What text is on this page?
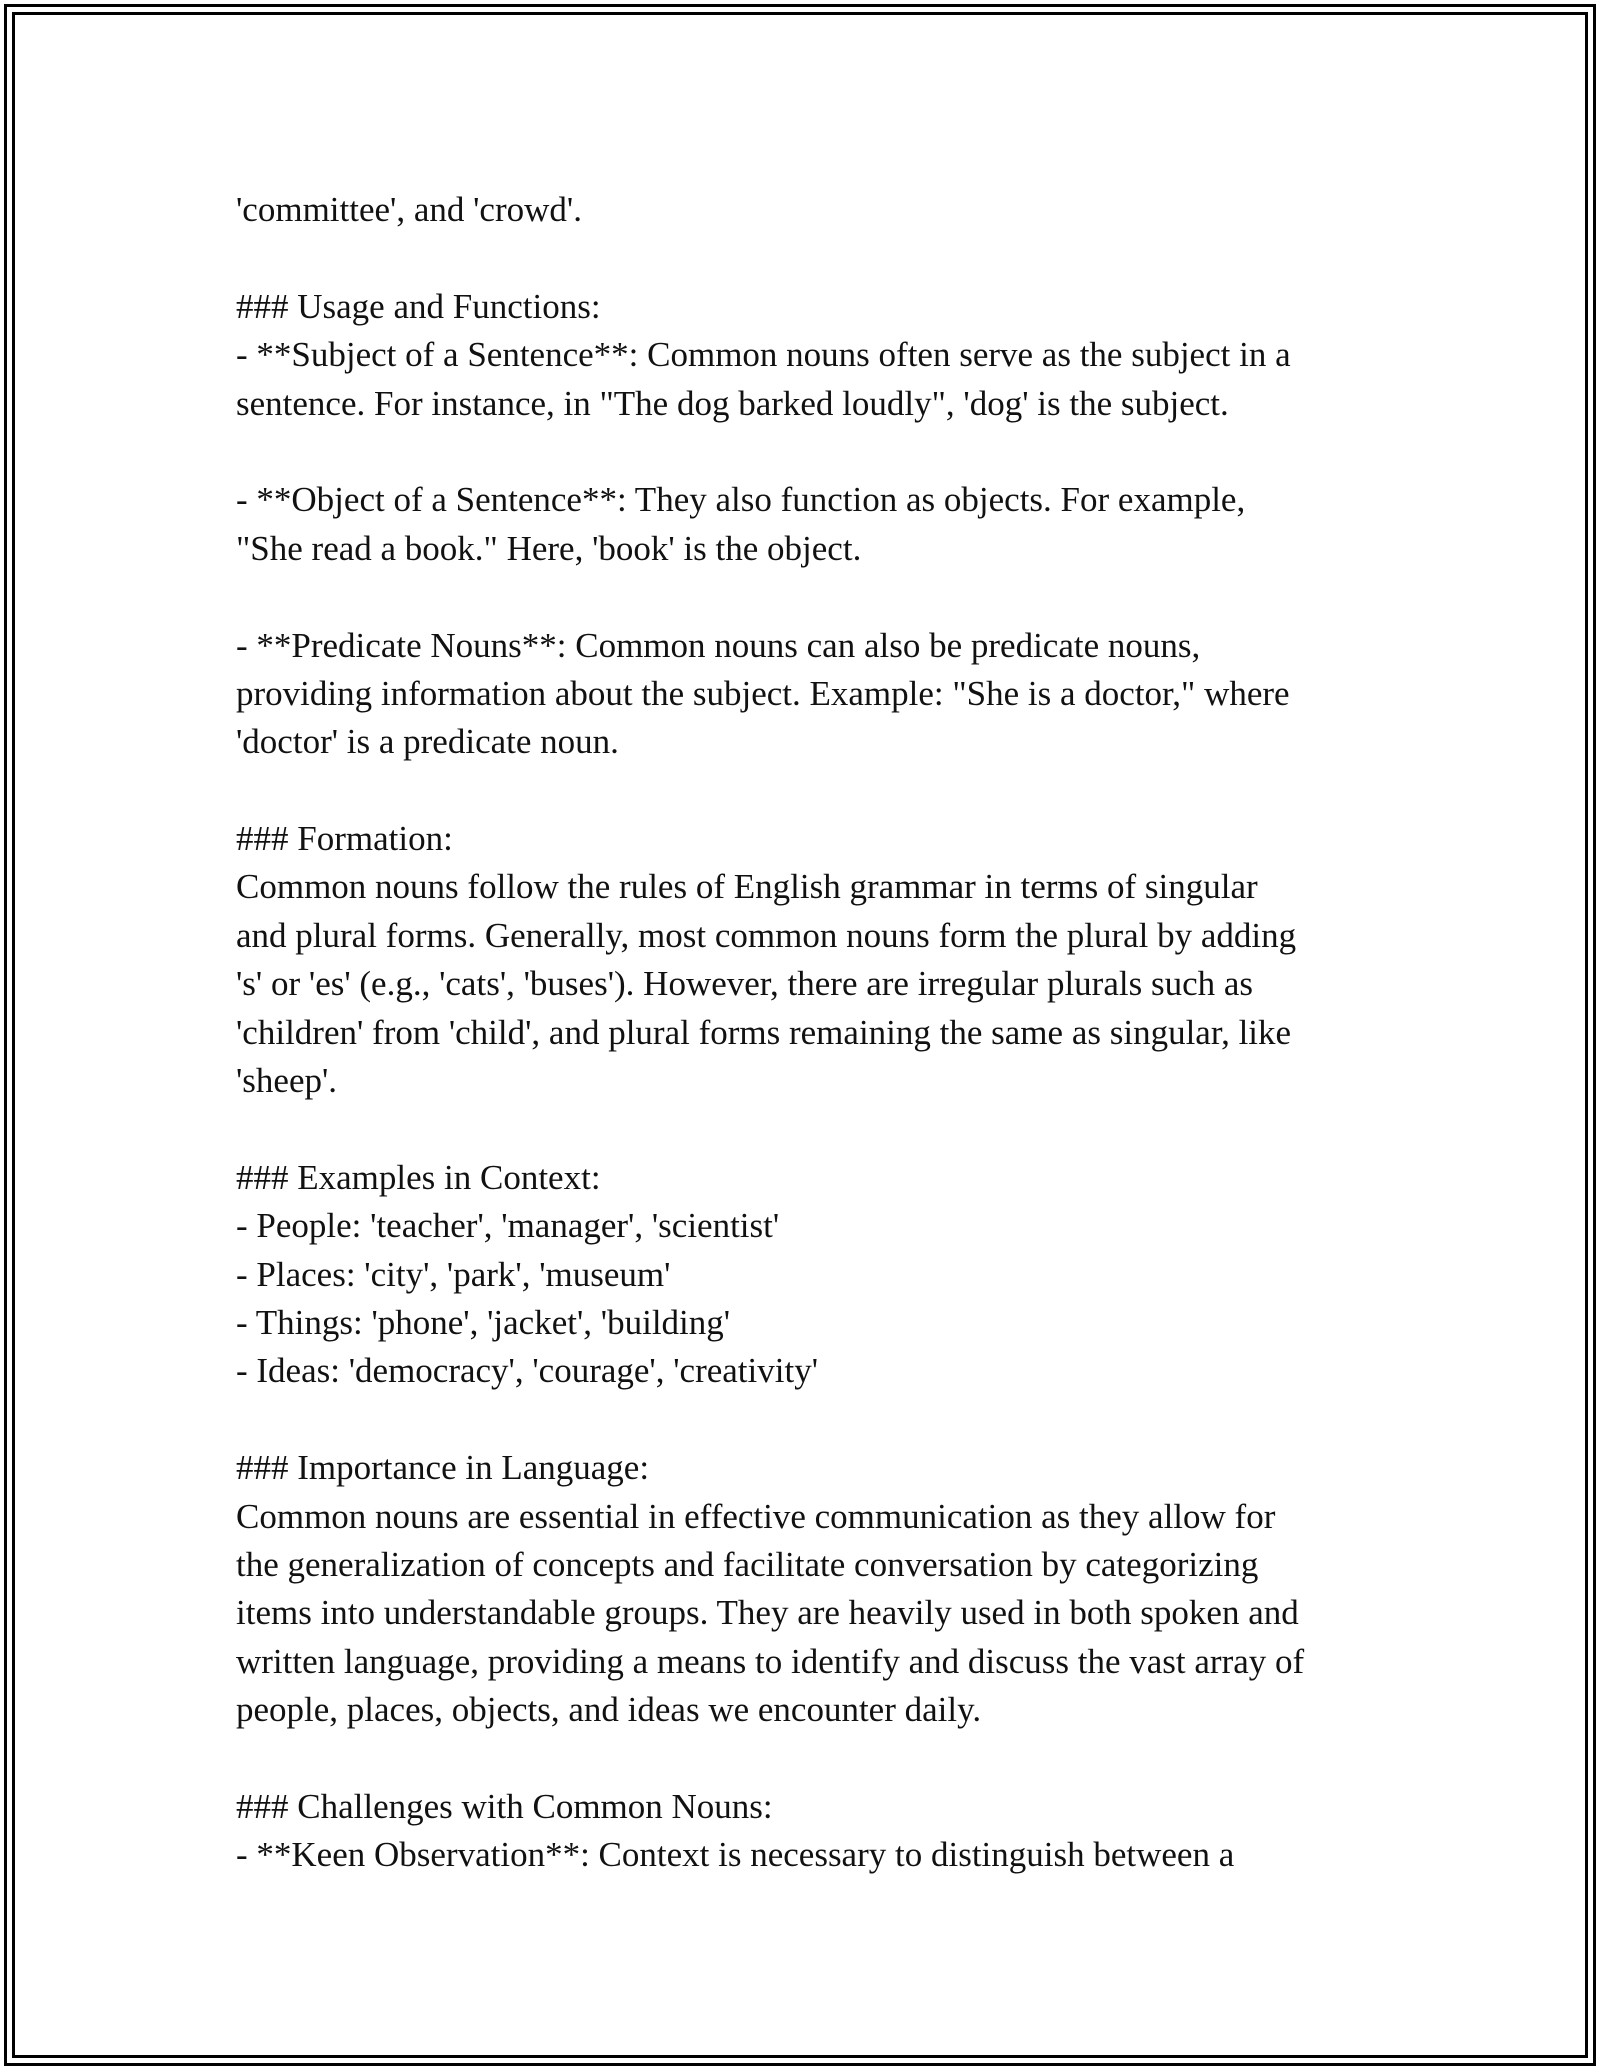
'committee', and 'crowd'.
### Usage and Functions:
- **Subject of a Sentence**: Common nouns often serve as the subject in a
sentence. For instance, in "The dog barked loudly", 'dog' is the subject.
- **Object of a Sentence**: They also function as objects. For example,
"She read a book." Here, 'book' is the object.
- **Predicate Nouns**: Common nouns can also be predicate nouns,
providing information about the subject. Example: "She is a doctor," where
'doctor' is a predicate noun.
### Formation:
Common nouns follow the rules of English grammar in terms of singular
and plural forms. Generally, most common nouns form the plural by adding
's' or 'es' (e.g., 'cats', 'buses'). However, there are irregular plurals such as
'children' from 'child', and plural forms remaining the same as singular, like
'sheep'.
### Examples in Context:
- People: 'teacher', 'manager', 'scientist'
- Places: 'city', 'park', 'museum'
- Things: 'phone', 'jacket', 'building'
- Ideas: 'democracy', 'courage', 'creativity'
### Importance in Language:
Common nouns are essential in effective communication as they allow for
the generalization of concepts and facilitate conversation by categorizing
items into understandable groups. They are heavily used in both spoken and
written language, providing a means to identify and discuss the vast array of
people, places, objects, and ideas we encounter daily.
### Challenges with Common Nouns:
- **Keen Observation**: Context is necessary to distinguish between a
